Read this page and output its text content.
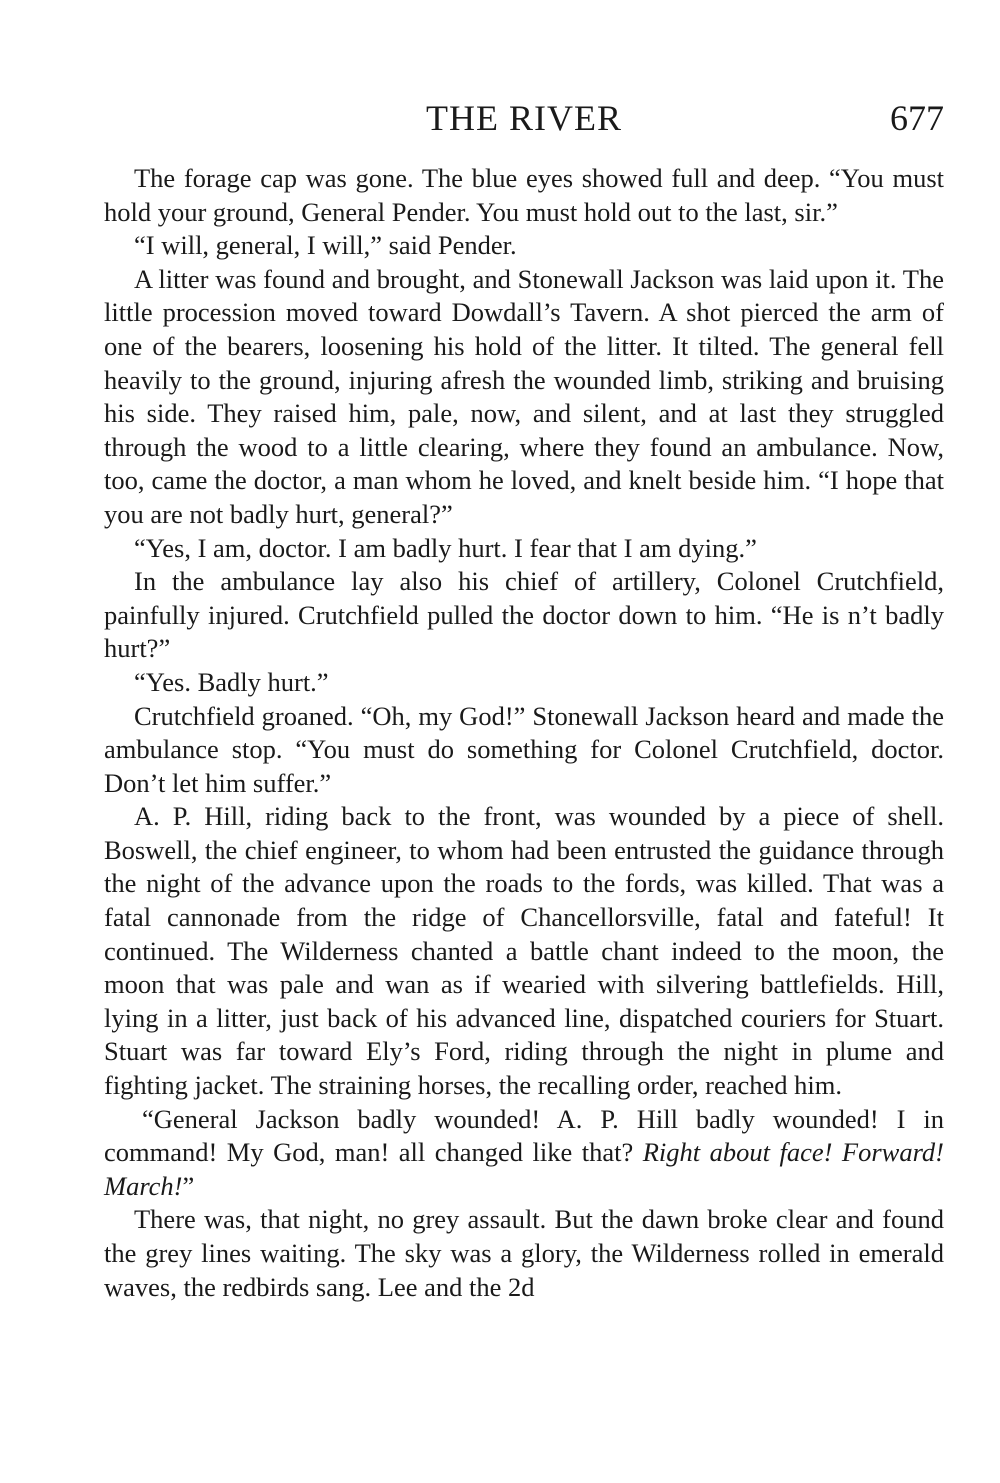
THE RIVER	677

The forage cap was gone. The blue eyes showed full and deep. “You must hold your ground, General Pender. You must hold out to the last, sir.”

“I will, general, I will,” said Pender.

A litter was found and brought, and Stonewall Jackson was laid upon it. The little procession moved toward Dowdall’s Tavern. A shot pierced the arm of one of the bearers, loosening his hold of the litter. It tilted. The general fell heavily to the ground, injuring afresh the wounded limb, striking and bruising his side. They raised him, pale, now, and silent, and at last they struggled through the wood to a little clearing, where they found an ambulance. Now, too, came the doctor, a man whom he loved, and knelt beside him. “I hope that you are not badly hurt, general?”

“Yes, I am, doctor. I am badly hurt. I fear that I am dying.”

In the ambulance lay also his chief of artillery, Colonel Crutchfield, painfully injured. Crutchfield pulled the doctor down to him. “He is n’t badly hurt?”

“Yes. Badly hurt.”

Crutchfield groaned. “Oh, my God!” Stonewall Jackson heard and made the ambulance stop. “You must do something for Colonel Crutchfield, doctor. Don’t let him suffer.”

A. P. Hill, riding back to the front, was wounded by a piece of shell. Boswell, the chief engineer, to whom had been entrusted the guidance through the night of the advance upon the roads to the fords, was killed. That was a fatal cannonade from the ridge of Chancellorsville, fatal and fateful! It continued. The Wilderness chanted a battle chant indeed to the moon, the moon that was pale and wan as if wearied with silvering battlefields. Hill, lying in a litter, just back of his advanced line, dispatched couriers for Stuart. Stuart was far toward Ely’s Ford, riding through the night in plume and fighting jacket. The straining horses, the recalling order, reached him.

“General Jackson badly wounded! A. P. Hill badly wounded! I in command! My God, man! all changed like that? Right about face! Forward! March!”

There was, that night, no grey assault. But the dawn broke clear and found the grey lines waiting. The sky was a glory, the Wilderness rolled in emerald waves, the redbirds sang. Lee and the 2d
